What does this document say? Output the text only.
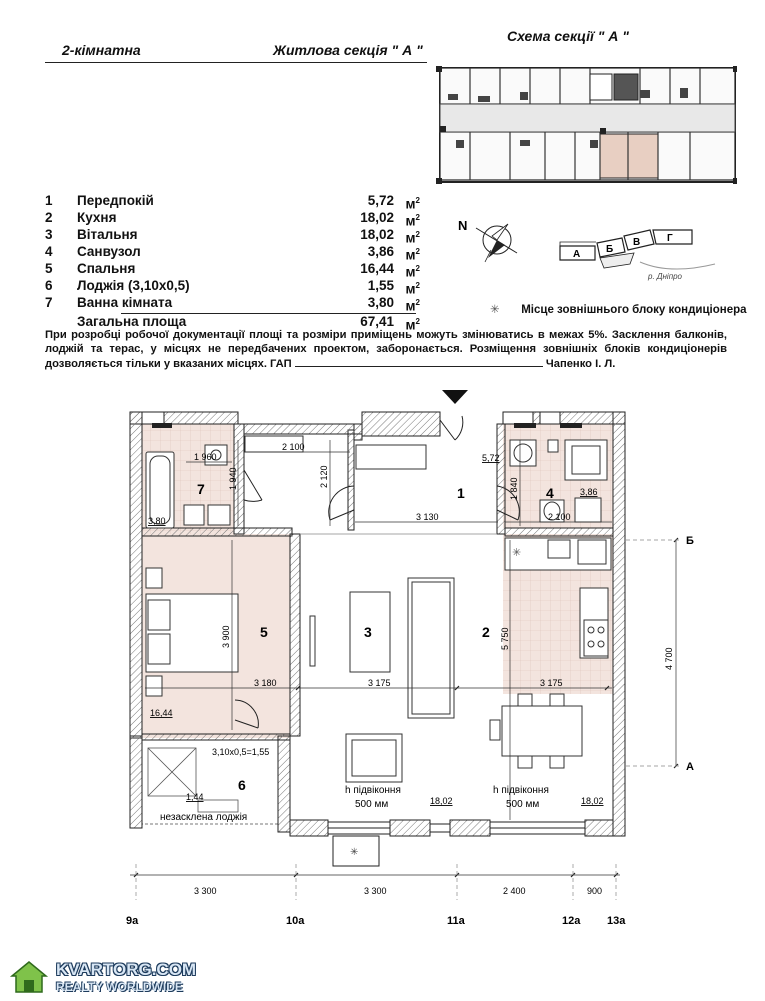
2-кімнатна	Житлова секція " А "
Схема секції " А "
1 Передпокій	5,72 $м^2$
2 Кухня	18,02 $м^2$
3 Вітальня	18,02 $м^2$
4 Санвузол	3,86 $м^2$
5 Спальня	16,44 $м^2$
6 Лоджія (3,10х0,5)	1,55 $м^2$
7 Ванна кімната	3,80 $м^2$
Загальна площа	67,41 $м^2$
✳ Місце зовнішнього блоку кондиціонера
При розробці робочої документації площі та розміри приміщень можуть змінюватись в межах 5%. Засклення балконів, лоджій та терас, у місцях не передбачених проектом, заборонається. Розміщення зовнішніх блоків кондиціонерів дозволяється тільки у вказаних місцях. ГАП	Чапенко І. Л.
N
А	Б
В	Г
р. Дніпро
✳
✳
7	1	4
5	3	2
6
5,72
3,86
3,80
16,44
18,02	18,02
1,44
2 100
1 960
1 940	2 120
3 130
1 840
2 100
3 900	5 750
3 180	3 175	3 175
4 700
3,10х0,5=1,55
незасклена лоджія
h підвіконня
500 мм
h підвіконня
500 мм
3 300	3 300	2 400	900
Б
А
9а	10а	11а	12а 13а
KVARTORG.COM
REALTY WORLDWIDE
